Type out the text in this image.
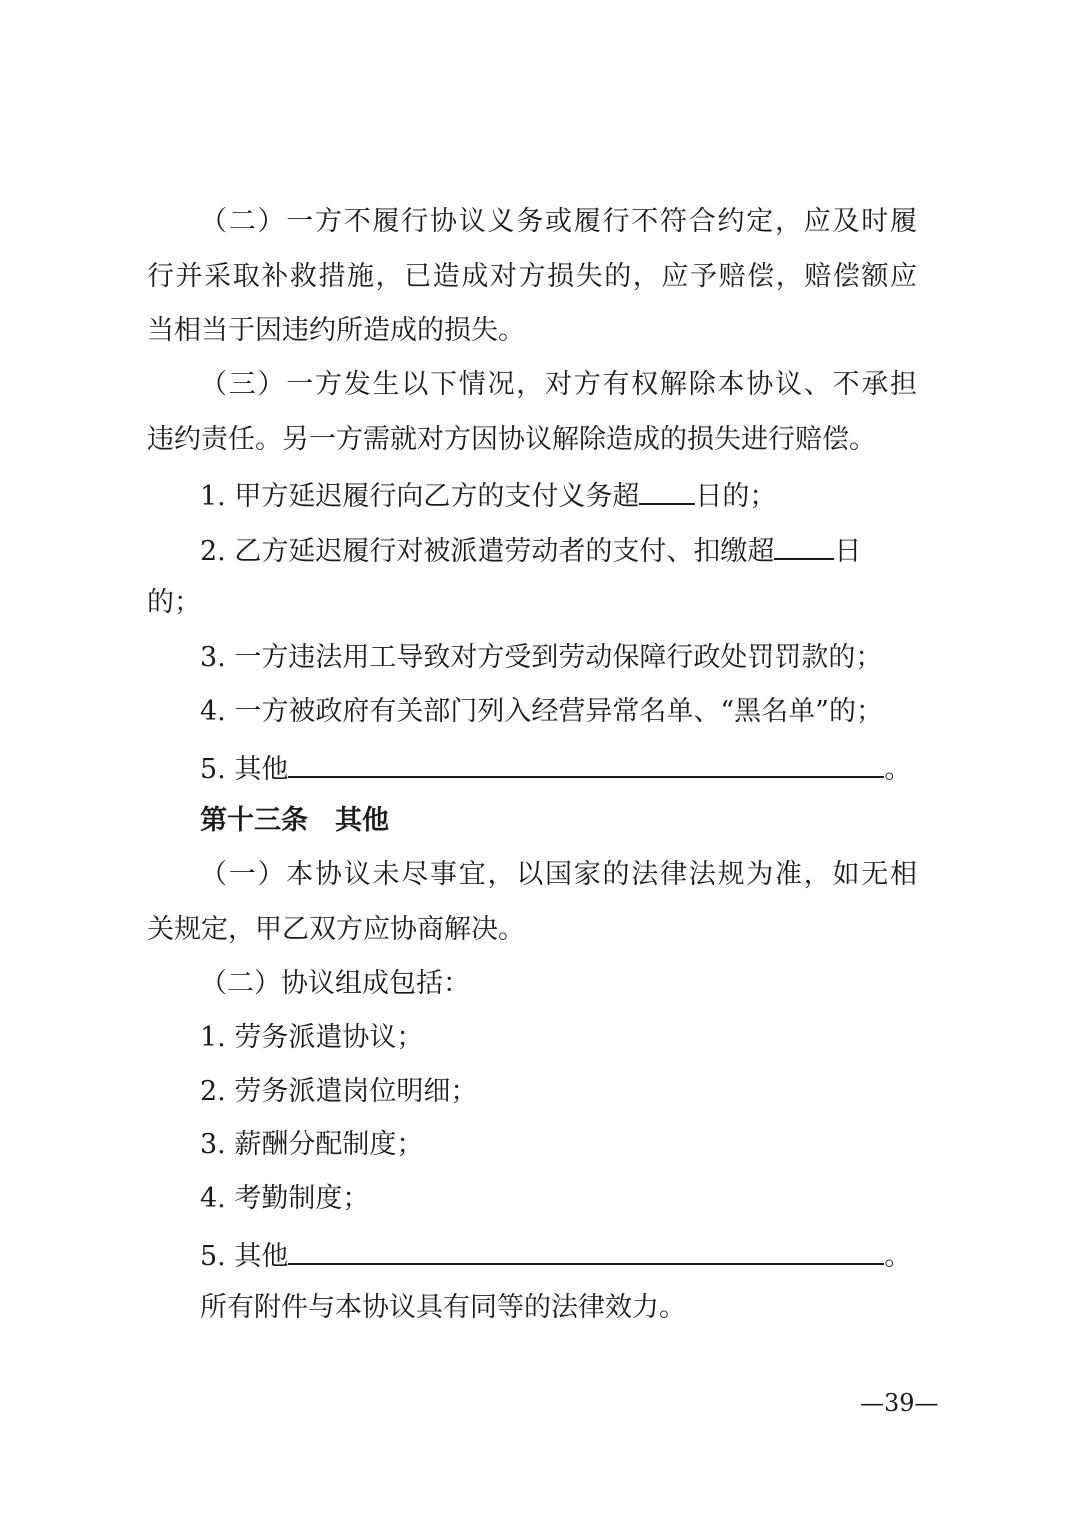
（二）一方不履行协议义务或履行不符合约定，应及时履
行并采取补救措施，已造成对方损失的，应予赔偿，赔偿额应
当相当于因违约所造成的损失。
（三）一方发生以下情况，对方有权解除本协议、不承担
违约责任。另一方需就对方因协议解除造成的损失进行赔偿。
1. 甲方延迟履行向乙方的支付义务超 日的；
2. 乙方延迟履行对被派遣劳动者的支付、扣缴超 日
的；
3. 一方违法用工导致对方受到劳动保障行政处罚罚款的；
4. 一方被政府有关部门列入经营异常名单、“黑名单”的；
5. 其他	。
第十三条　其他
（一）本协议未尽事宜，以国家的法律法规为准，如无相
关规定，甲乙双方应协商解决。
（二）协议组成包括：
1. 劳务派遣协议；
2. 劳务派遣岗位明细；
3. 薪酬分配制度；
4. 考勤制度；
5. 其他	。
所有附件与本协议具有同等的法律效力。
—39—
